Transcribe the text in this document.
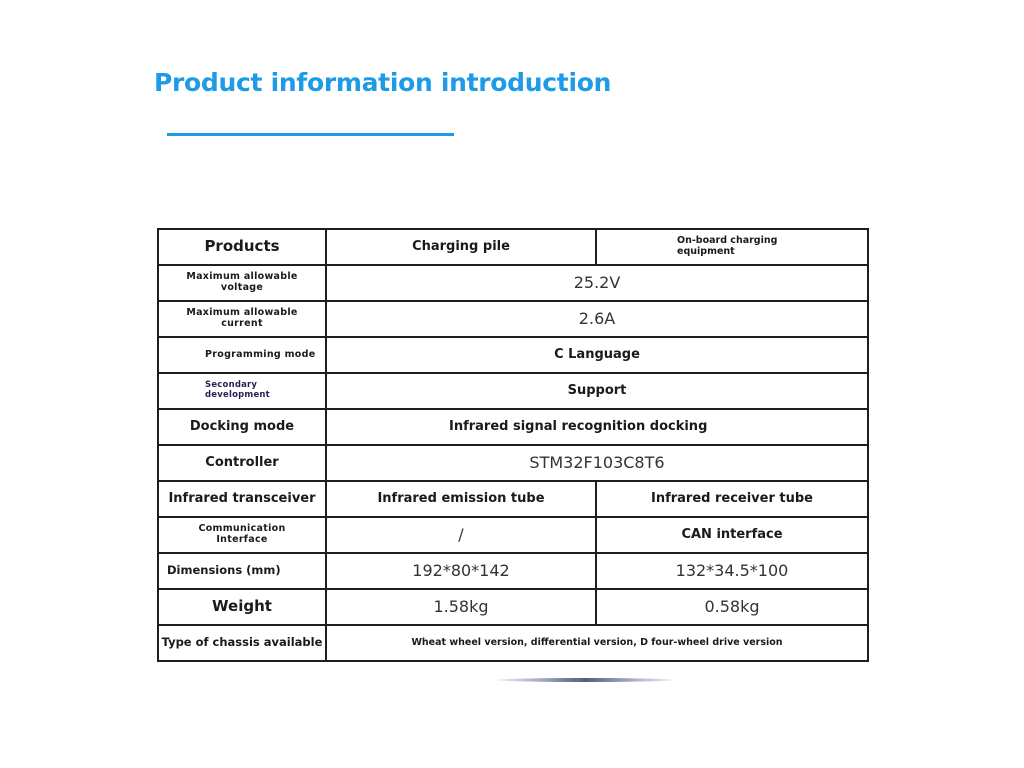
Product information introduction
Products	Charging pile	On-board charging
equipment
Maximum allowable
voltage	25.2V	
Maximum allowable
current	2.6A	
Programming mode	C Language	
Secondary development	Support	
Docking mode	Infrared signal recognition docking	
Controller	STM32F103C8T6	
Infrared transceiver	Infrared emission tube	Infrared receiver tube
Communication
Interface	/	CAN interface
Dimensions (mm)	192*80*142	132*34.5*100
Weight	1.58kg	0.58kg
Type of chassis available	Wheat wheel version, differential version, D four-wheel drive version	
